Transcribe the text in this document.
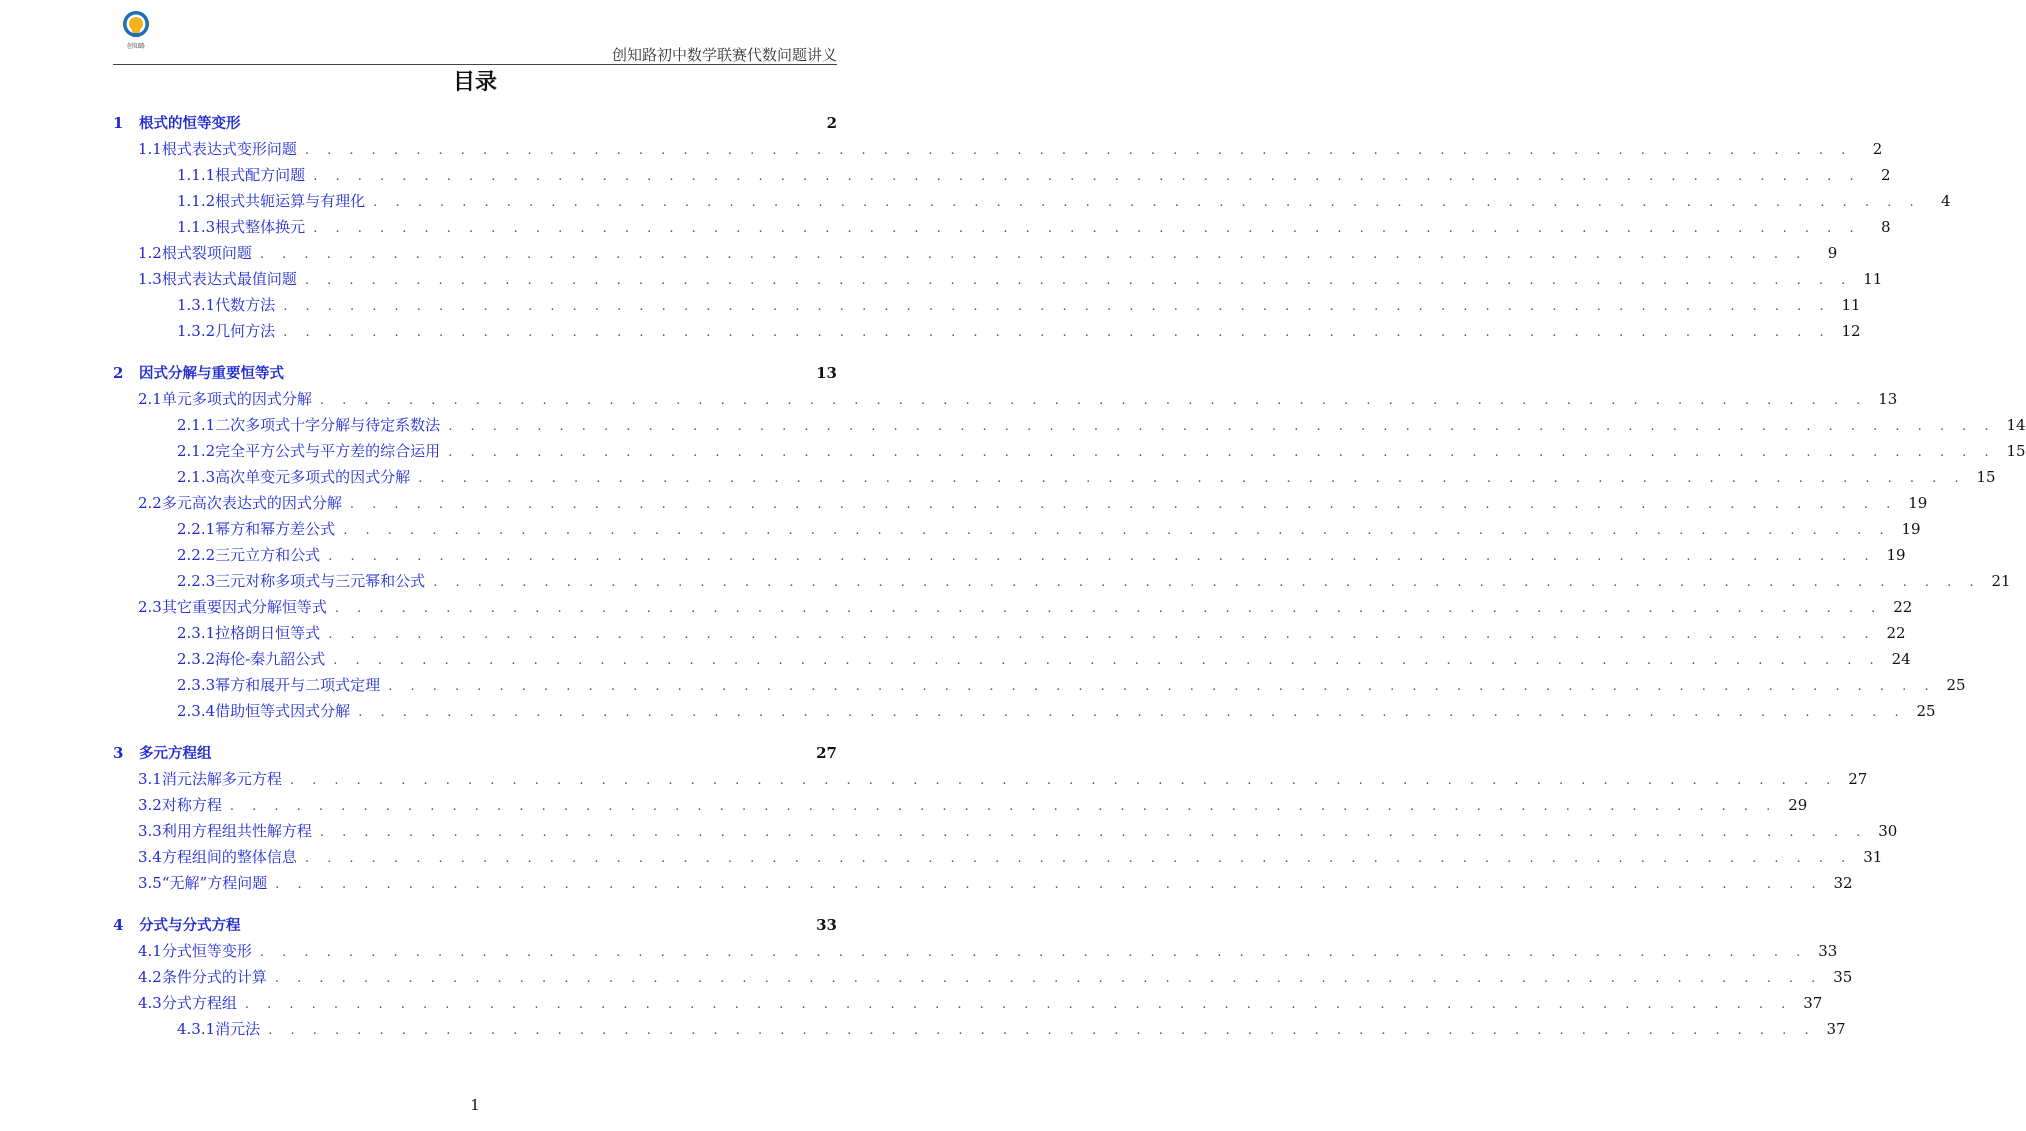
创知路	创知路初中数学联赛代数问题讲义
目录
1	根式的恒等变形	2
1.1 根式表达式变形问题 . . . . . . . . . . . . . . . . . . . . . . . . . . . . . . . . . . . . . . . . . . . . . . . . . . . . . . . . . . . . . . . . . . . . . .	2
1.1.1 根式配方问题 . . . . . . . . . . . . . . . . . . . . . . . . . . . . . . . . . . . . . . . . . . . . . . . . . . . . . . . . . . . . . . . . . . . . . .	2
1.1.2 根式共轭运算与有理化 . . . . . . . . . . . . . . . . . . . . . . . . . . . . . . . . . . . . . . . . . . . . . . . . . . . . . . . . . . . . . . . . . . . . . .	4
1.1.3 根式整体换元 . . . . . . . . . . . . . . . . . . . . . . . . . . . . . . . . . . . . . . . . . . . . . . . . . . . . . . . . . . . . . . . . . . . . . .	8
1.2 根式裂项问题 . . . . . . . . . . . . . . . . . . . . . . . . . . . . . . . . . . . . . . . . . . . . . . . . . . . . . . . . . . . . . . . . . . . . . .	9
1.3 根式表达式最值问题 . . . . . . . . . . . . . . . . . . . . . . . . . . . . . . . . . . . . . . . . . . . . . . . . . . . . . . . . . . . . . . . . . . . . . . 11
1.3.1 代数方法 . . . . . . . . . . . . . . . . . . . . . . . . . . . . . . . . . . . . . . . . . . . . . . . . . . . . . . . . . . . . . . . . . . . . . . 11
1.3.2 几何方法 . . . . . . . . . . . . . . . . . . . . . . . . . . . . . . . . . . . . . . . . . . . . . . . . . . . . . . . . . . . . . . . . . . . . . . 12
2	因式分解与重要恒等式	13
2.1 单元多项式的因式分解 . . . . . . . . . . . . . . . . . . . . . . . . . . . . . . . . . . . . . . . . . . . . . . . . . . . . . . . . . . . . . . . . . . . . . . 13
2.1.1 二次多项式十字分解与待定系数法 . . . . . . . . . . . . . . . . . . . . . . . . . . . . . . . . . . . . . . . . . . . . . . . . . . . . . . . . . . . . . . . . . . . . . . 14
2.1.2 完全平方公式与平方差的综合运用 . . . . . . . . . . . . . . . . . . . . . . . . . . . . . . . . . . . . . . . . . . . . . . . . . . . . . . . . . . . . . . . . . . . . . . 15
2.1.3 高次单变元多项式的因式分解 . . . . . . . . . . . . . . . . . . . . . . . . . . . . . . . . . . . . . . . . . . . . . . . . . . . . . . . . . . . . . . . . . . . . . . 15
2.2 多元高次表达式的因式分解 . . . . . . . . . . . . . . . . . . . . . . . . . . . . . . . . . . . . . . . . . . . . . . . . . . . . . . . . . . . . . . . . . . . . . . 19
2.2.1 幂方和幂方差公式 . . . . . . . . . . . . . . . . . . . . . . . . . . . . . . . . . . . . . . . . . . . . . . . . . . . . . . . . . . . . . . . . . . . . . . 19
2.2.2 三元立方和公式 . . . . . . . . . . . . . . . . . . . . . . . . . . . . . . . . . . . . . . . . . . . . . . . . . . . . . . . . . . . . . . . . . . . . . . 19
2.2.3 三元对称多项式与三元幂和公式 . . . . . . . . . . . . . . . . . . . . . . . . . . . . . . . . . . . . . . . . . . . . . . . . . . . . . . . . . . . . . . . . . . . . . . 21
2.3 其它重要因式分解恒等式 . . . . . . . . . . . . . . . . . . . . . . . . . . . . . . . . . . . . . . . . . . . . . . . . . . . . . . . . . . . . . . . . . . . . . . 22
2.3.1 拉格朗日恒等式 . . . . . . . . . . . . . . . . . . . . . . . . . . . . . . . . . . . . . . . . . . . . . . . . . . . . . . . . . . . . . . . . . . . . . . 22
2.3.2 海伦-秦九韶公式 . . . . . . . . . . . . . . . . . . . . . . . . . . . . . . . . . . . . . . . . . . . . . . . . . . . . . . . . . . . . . . . . . . . . . . 24
2.3.3 幂方和展开与二项式定理 . . . . . . . . . . . . . . . . . . . . . . . . . . . . . . . . . . . . . . . . . . . . . . . . . . . . . . . . . . . . . . . . . . . . . . 25
2.3.4 借助恒等式因式分解 . . . . . . . . . . . . . . . . . . . . . . . . . . . . . . . . . . . . . . . . . . . . . . . . . . . . . . . . . . . . . . . . . . . . . . 25
3	多元方程组	27
3.1 消元法解多元方程 . . . . . . . . . . . . . . . . . . . . . . . . . . . . . . . . . . . . . . . . . . . . . . . . . . . . . . . . . . . . . . . . . . . . . . 27
3.2 对称方程 . . . . . . . . . . . . . . . . . . . . . . . . . . . . . . . . . . . . . . . . . . . . . . . . . . . . . . . . . . . . . . . . . . . . . . 29
3.3 利用方程组共性解方程 . . . . . . . . . . . . . . . . . . . . . . . . . . . . . . . . . . . . . . . . . . . . . . . . . . . . . . . . . . . . . . . . . . . . . . 30
3.4 方程组间的整体信息 . . . . . . . . . . . . . . . . . . . . . . . . . . . . . . . . . . . . . . . . . . . . . . . . . . . . . . . . . . . . . . . . . . . . . . 31
3.5 “无解”方程问题 . . . . . . . . . . . . . . . . . . . . . . . . . . . . . . . . . . . . . . . . . . . . . . . . . . . . . . . . . . . . . . . . . . . . . . 32
4	分式与分式方程	33
4.1 分式恒等变形 . . . . . . . . . . . . . . . . . . . . . . . . . . . . . . . . . . . . . . . . . . . . . . . . . . . . . . . . . . . . . . . . . . . . . . 33
4.2 条件分式的计算 . . . . . . . . . . . . . . . . . . . . . . . . . . . . . . . . . . . . . . . . . . . . . . . . . . . . . . . . . . . . . . . . . . . . . . 35
4.3 分式方程组 . . . . . . . . . . . . . . . . . . . . . . . . . . . . . . . . . . . . . . . . . . . . . . . . . . . . . . . . . . . . . . . . . . . . . . 37
4.3.1 消元法 . . . . . . . . . . . . . . . . . . . . . . . . . . . . . . . . . . . . . . . . . . . . . . . . . . . . . . . . . . . . . . . . . . . . . . 37
1
